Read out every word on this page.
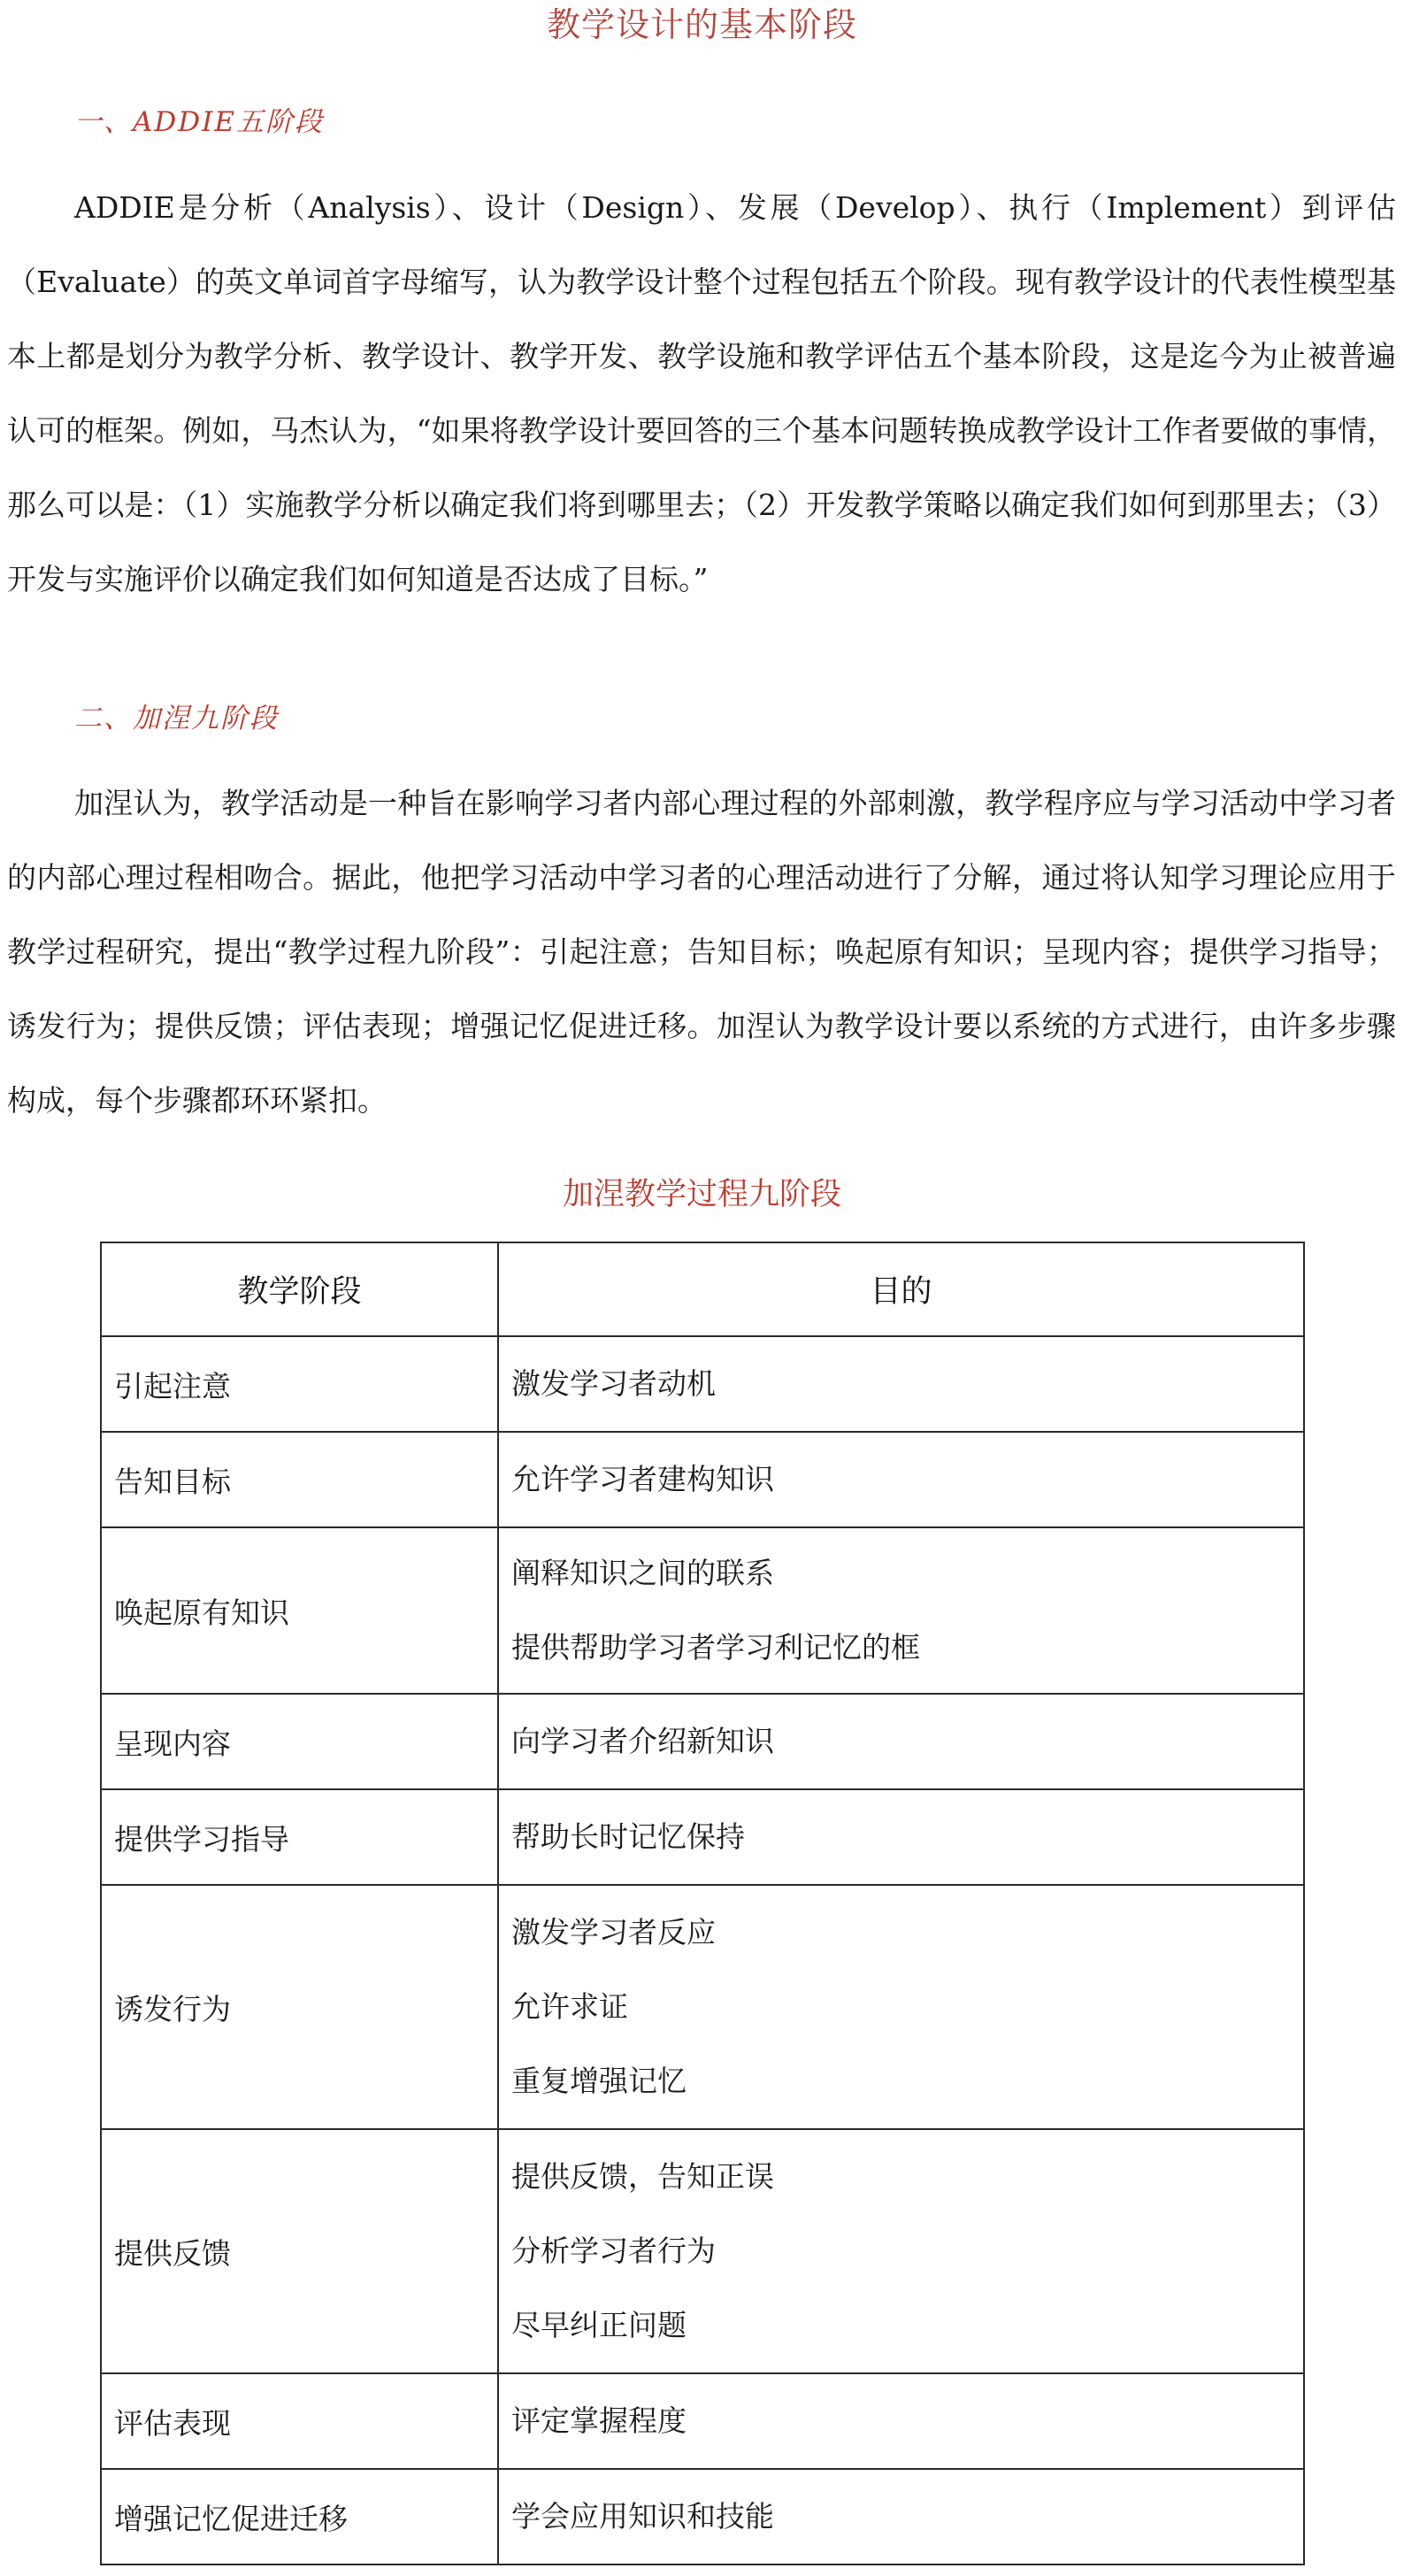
教学设计的基本阶段
一、ADDIE五阶段

ADDIE是分析（Analysis）、设计（Design）、发展（Develop）、执行（Implement）到评估（Evaluate）的英文单词首字母缩写，认为教学设计整个过程包括五个阶段。现有教学设计的代表性模型基本上都是划分为教学分析、教学设计、教学开发、教学设施和教学评估五个基本阶段，这是迄今为止被普遍认可的框架。例如，马杰认为，“如果将教学设计要回答的三个基本问题转换成教学设计工作者要做的事情，那么可以是：（1）实施教学分析以确定我们将到哪里去；（2）开发教学策略以确定我们如何到那里去；（3）开发与实施评价以确定我们如何知道是否达成了目标。”

二、加涅九阶段

加涅认为，教学活动是一种旨在影响学习者内部心理过程的外部刺激，教学程序应与学习活动中学习者的内部心理过程相吻合。据此，他把学习活动中学习者的心理活动进行了分解，通过将认知学习理论应用于教学过程研究，提出“教学过程九阶段”：引起注意；告知目标；唤起原有知识；呈现内容；提供学习指导；诱发行为；提供反馈；评估表现；增强记忆促进迁移。加涅认为教学设计要以系统的方式进行，由许多步骤构成，每个步骤都环环紧扣。

加涅教学过程九阶段
教学阶段	目的
引起注意	激发学习者动机

告知目标	允许学习者建构知识

唤起原有知识	阐释知识之间的联系
提供帮助学习者学习利记忆的框

呈现内容	向学习者介绍新知识

提供学习指导	帮助长时记忆保持

诱发行为	激发学习者反应
允许求证
重复增强记忆

提供反馈	提供反馈，告知正误
分析学习者行为
尽早纠正问题

评估表现	评定掌握程度

增强记忆促进迁移	学会应用知识和技能
